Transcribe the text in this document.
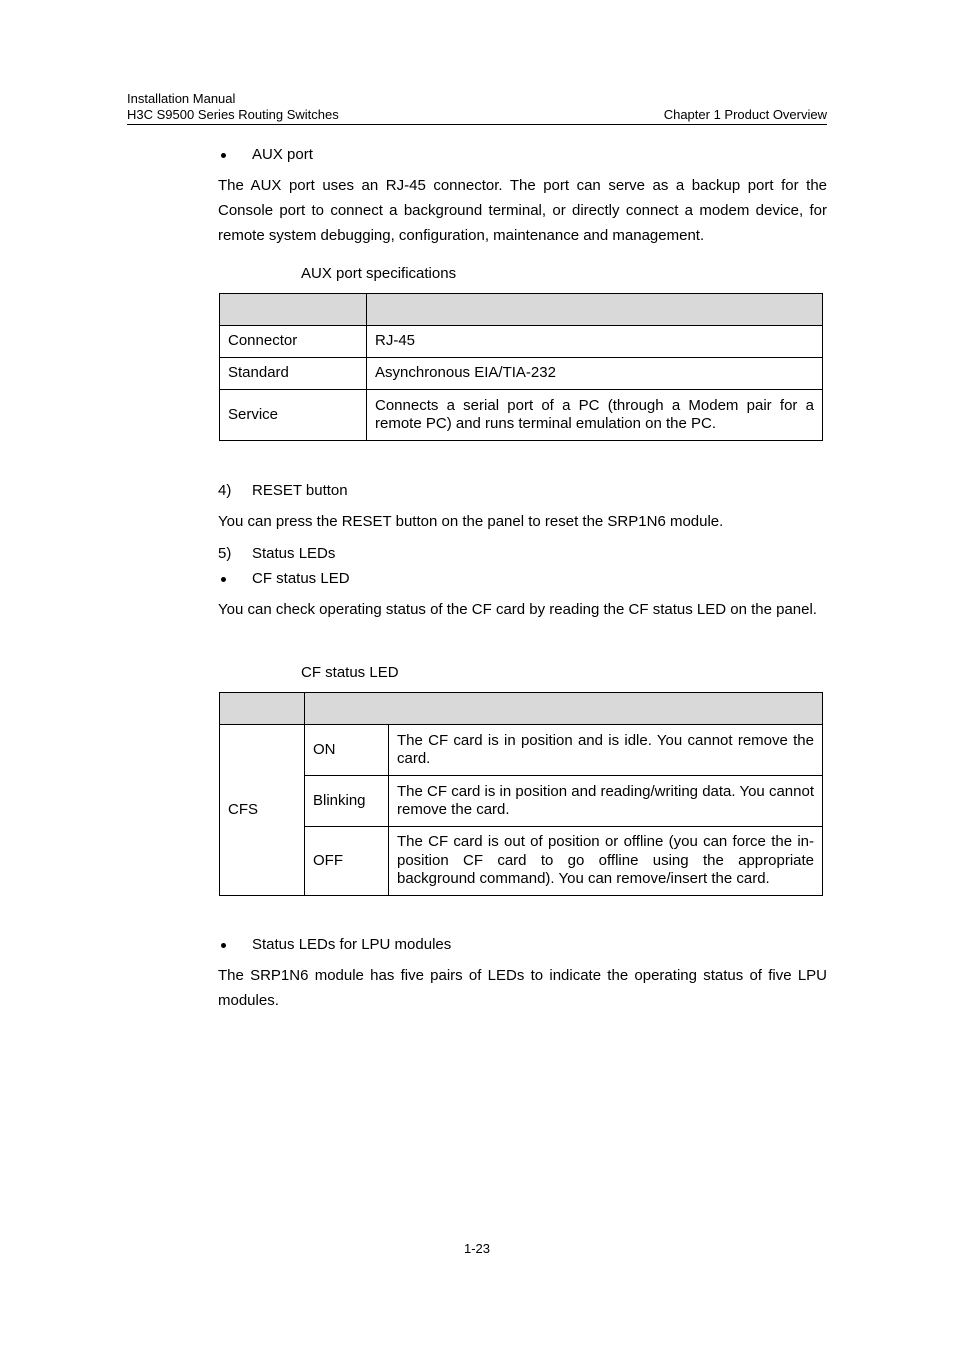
Installation Manual
H3C S9500 Series Routing Switches	Chapter 1 Product Overview
AUX port
The AUX port uses an RJ-45 connector. The port can serve as a backup port for the Console port to connect a background terminal, or directly connect a modem device, for remote system debugging, configuration, maintenance and management.
AUX port specifications

Connector	RJ-45
Standard	Asynchronous EIA/TIA-232
Service	Connects a serial port of a PC (through a Modem pair for a remote PC) and runs terminal emulation on the PC.
4) RESET button
You can press the RESET button on the panel to reset the SRP1N6 module.
5) Status LEDs
CF status LED
You can check operating status of the CF card by reading the CF status LED on the panel.
CF status LED

CFS	ON	The CF card is in position and is idle. You cannot remove the card.
	Blinking	The CF card is in position and reading/writing data. You cannot remove the card.
	OFF	The CF card is out of position or offline (you can force the in-position CF card to go offline using the appropriate background command). You can remove/insert the card.
Status LEDs for LPU modules
The SRP1N6 module has five pairs of LEDs to indicate the operating status of five LPU modules.
1-23
